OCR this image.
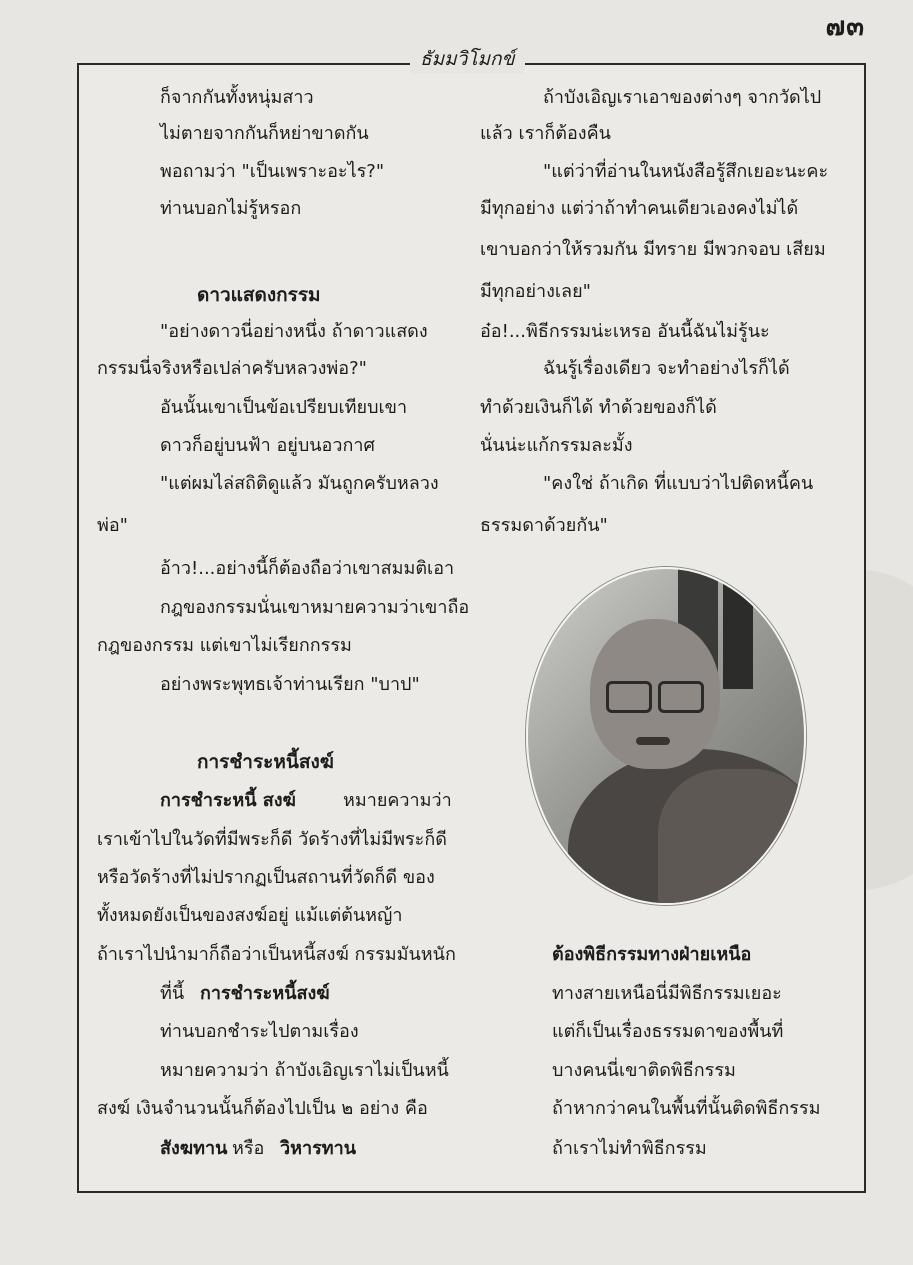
๗๓
ธัมมวิโมกข์
ก็จากกันทั้งหนุ่มสาว
ไม่ตายจากกันก็หย่าขาดกัน
พอถามว่า "เป็นเพราะอะไร?"
ท่านบอกไม่รู้หรอก
ดาวแสดงกรรม
"อย่างดาวนี่อย่างหนึ่ง ถ้าดาวแสดง
กรรมนี่จริงหรือเปล่าครับหลวงพ่อ?"
อันนั้นเขาเป็นข้อเปรียบเทียบเขา
ดาวก็อยู่บนฟ้า อยู่บนอวกาศ
"แต่ผมไล่สถิติดูแล้ว มันถูกครับหลวง
พ่อ"
อ้าว!...อย่างนี้ก็ต้องถือว่าเขาสมมติเอา
กฎของกรรมนั่นเขาหมายความว่าเขาถือ
กฎของกรรม แต่เขาไม่เรียกกรรม
อย่างพระพุทธเจ้าท่านเรียก "บาป"
การชำระหนี้สงฆ์
การชำระหนี้ สงฆ์	หมายความว่า
เราเข้าไปในวัดที่มีพระก็ดี วัดร้างที่ไม่มีพระก็ดี
หรือวัดร้างที่ไม่ปรากฏเป็นสถานที่วัดก็ดี ของ
ทั้งหมดยังเป็นของสงฆ์อยู่ แม้แต่ต้นหญ้า
ถ้าเราไปนำมาก็ถือว่าเป็นหนี้สงฆ์ กรรมมันหนัก
ที่นี้ การชำระหนี้สงฆ์
ท่านบอกชำระไปตามเรื่อง
หมายความว่า ถ้าบังเอิญเราไม่เป็นหนี้
สงฆ์ เงินจำนวนนั้นก็ต้องไปเป็น ๒ อย่าง คือ
สังฆทาน หรือ วิหารทาน
ถ้าบังเอิญเราเอาของต่างๆ จากวัดไป
แล้ว เราก็ต้องคืน
"แต่ว่าที่อ่านในหนังสือรู้สึกเยอะนะคะ
มีทุกอย่าง แต่ว่าถ้าทำคนเดียวเองคงไม่ได้
เขาบอกว่าให้รวมกัน มีทราย มีพวกจอบ เสียม
มีทุกอย่างเลย"
อ๋อ!...พิธีกรรมน่ะเหรอ อันนี้ฉันไม่รู้นะ
ฉันรู้เรื่องเดียว จะทำอย่างไรก็ได้
ทำด้วยเงินก็ได้ ทำด้วยของก็ได้
นั่นน่ะแก้กรรมละมั้ง
"คงใช่ ถ้าเกิด ที่แบบว่าไปติดหนี้คน
ธรรมดาด้วยกัน"
ต้องพิธีกรรมทางฝ่ายเหนือ
ทางสายเหนือนี่มีพิธีกรรมเยอะ
แต่ก็เป็นเรื่องธรรมดาของพื้นที่
บางคนนี่เขาติดพิธีกรรม
ถ้าหากว่าคนในพื้นที่นั้นติดพิธีกรรม
ถ้าเราไม่ทำพิธีกรรม
